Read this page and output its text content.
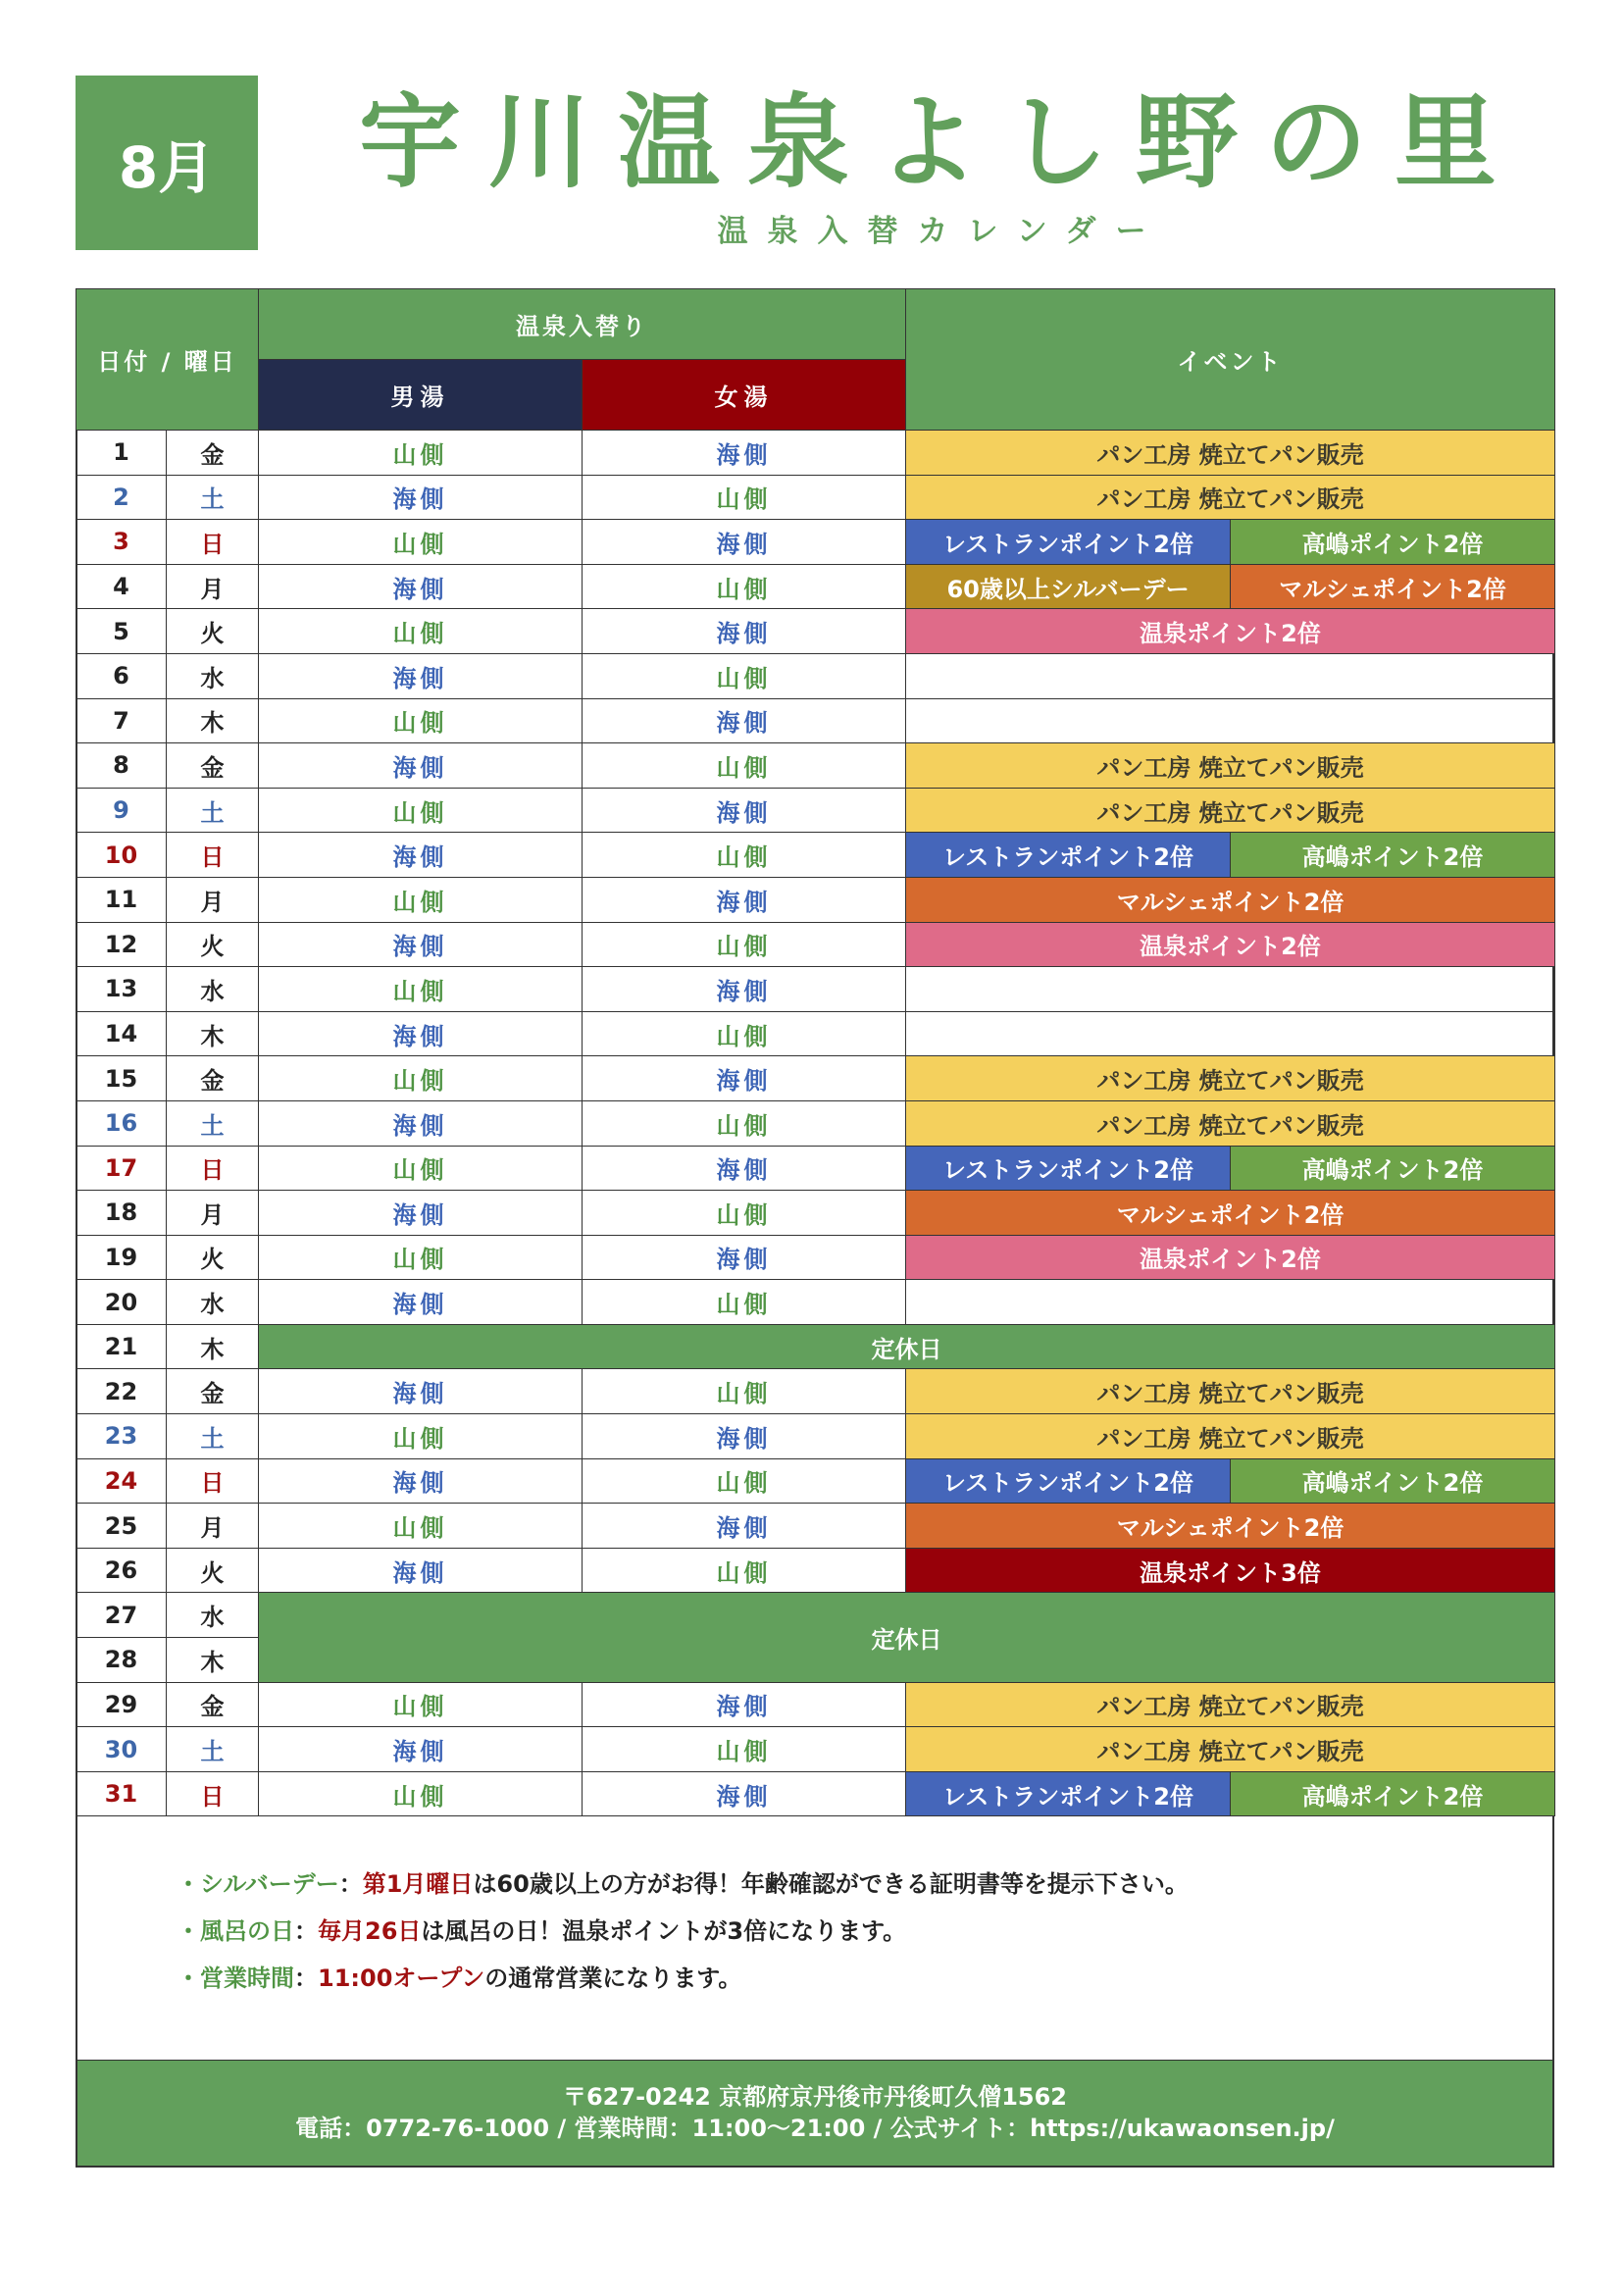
8月	宇川温泉よし野の里
温泉入替カレンダー
日付 / 曜日		温泉入替り		イベント	
		男湯	女湯		
1	金	山側	海側	パン工房 焼立てパン販売	
2	土	海側	山側	パン工房 焼立てパン販売	
3	日	山側	海側	レストランポイント2倍	高嶋ポイント2倍
4	月	海側	山側	60歳以上シルバーデー	マルシェポイント2倍
5	火	山側	海側	温泉ポイント2倍	
6	水	海側	山側		
7	木	山側	海側		
8	金	海側	山側	パン工房 焼立てパン販売	
9	土	山側	海側	パン工房 焼立てパン販売	
10	日	海側	山側	レストランポイント2倍	高嶋ポイント2倍
11	月	山側	海側	マルシェポイント2倍	
12	火	海側	山側	温泉ポイント2倍	
13	水	山側	海側		
14	木	海側	山側		
15	金	山側	海側	パン工房 焼立てパン販売	
16	土	海側	山側	パン工房 焼立てパン販売	
17	日	山側	海側	レストランポイント2倍	高嶋ポイント2倍
18	月	海側	山側	マルシェポイント2倍	
19	火	山側	海側	温泉ポイント2倍	
20	水	海側	山側		
21	木	定休日			
22	金	海側	山側	パン工房 焼立てパン販売	
23	土	山側	海側	パン工房 焼立てパン販売	
24	日	海側	山側	レストランポイント2倍	高嶋ポイント2倍
25	月	山側	海側	マルシェポイント2倍	
26	火	海側	山側	温泉ポイント3倍	
27	水	定休日			
28	木				
29	金	山側	海側	パン工房 焼立てパン販売	
30	土	海側	山側	パン工房 焼立てパン販売	
31	日	山側	海側	レストランポイント2倍	高嶋ポイント2倍
・シルバーデー：第1月曜日は60歳以上の方がお得！年齢確認ができる証明書等を提示下さい。
・風呂の日：毎月26日は風呂の日！温泉ポイントが3倍になります。
・営業時間：11:00オープンの通常営業になります。
〒627-0242 京都府京丹後市丹後町久僧1562
電話：0772-76-1000 / 営業時間：11:00〜21:00 / 公式サイト：https://ukawaonsen.jp/
